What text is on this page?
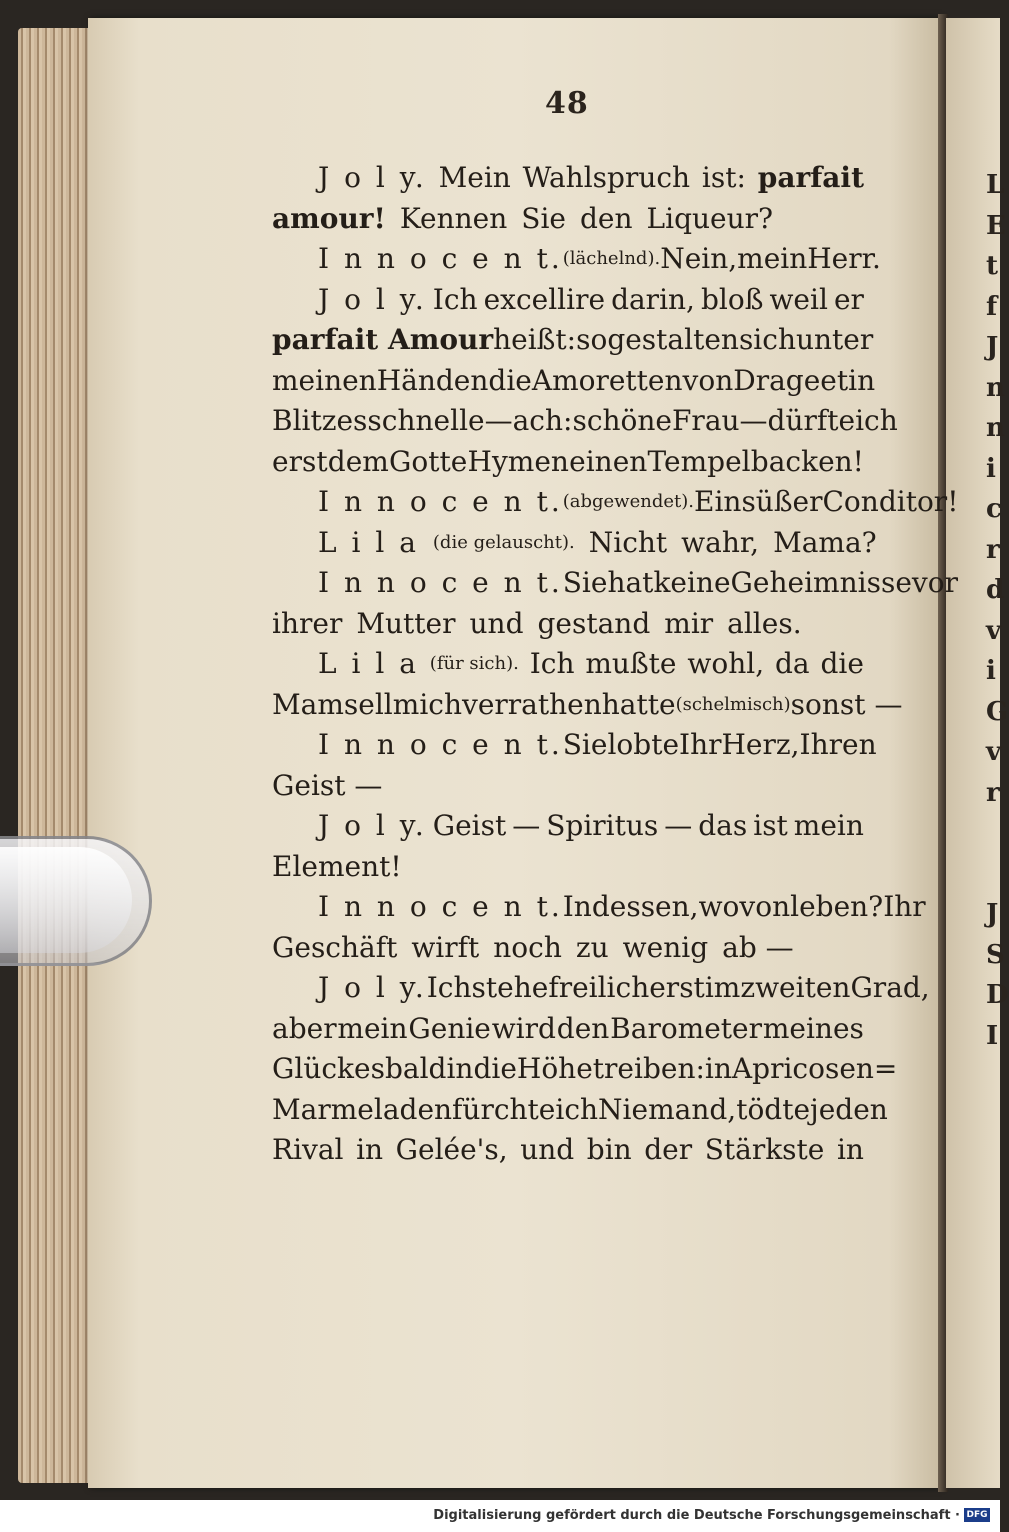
L
E
t
f
J
n
n
i
c
r
d
v
i
G
v
r
J
S
D
I
48
J o l y. Mein Wahlspruch ist: parfait
amour! Kennen Sie den Liqueur?
I n n o c e n t. (lächelnd). Nein, mein Herr.
J o l y. Ich excellire darin, bloß weil er
parfait Amour heißt: so gestalten sich unter
meinen Händen die Amoretten von Drageet in
Blitzesschnelle — ach: schöne Frau — dürfte ich
erst dem Gotte Hymen einen Tempel backen!
I n n o c e n t. (abgewendet). Ein süßer Conditor!
L i l a (die gelauscht). Nicht wahr, Mama?
I n n o c e n t. Sie hat keine Geheimnisse vor
ihrer Mutter und gestand mir alles.
L i l a (für sich). Ich mußte wohl, da die
Mamsell mich verrathen hatte (schelmisch) sonst —
I n n o c e n t. Sie lobte Ihr Herz, Ihren
Geist —
J o l y. Geist — Spiritus — das ist mein
Element!
I n n o c e n t. Indessen, wovon leben? Ihr
Geschäft wirft noch zu wenig ab —
J o l y. Ich stehe freilich erst im zweiten Grad,
aber mein Genie wird den Barometer meines
Glückes bald in die Höhe treiben: in Apricosen=
Marmeladen fürchte ich Niemand, tödte jeden
Rival in Gelée's, und bin der Stärkste in
Digitalisierung gefördert durch die Deutsche Forschungsgemeinschaft · DFG
